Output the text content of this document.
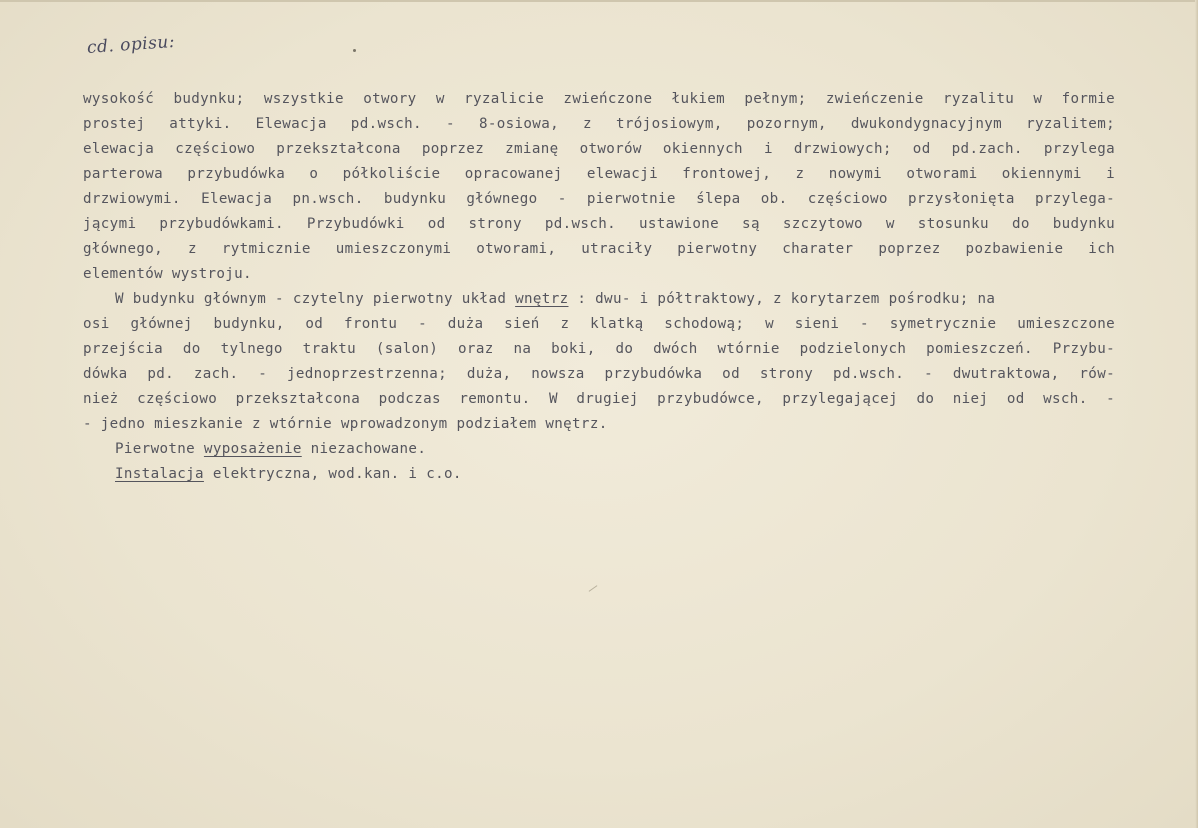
cd. opisu:
wysokość budynku; wszystkie otwory w ryzalicie zwieńczone łukiem pełnym; zwieńczenie ryzalitu w formie
prostej attyki. Elewacja pd.wsch. - 8-osiowa, z trójosiowym, pozornym, dwukondygnacyjnym ryzalitem;
elewacja częściowo przekształcona poprzez zmianę otworów okiennych i drzwiowych; od pd.zach. przylega
parterowa przybudówka o półkoliście opracowanej elewacji frontowej, z nowymi otworami okiennymi i
drzwiowymi. Elewacja pn.wsch. budynku głównego - pierwotnie ślepa ob. częściowo przysłonięta przylega-
jącymi przybudówkami. Przybudówki od strony pd.wsch. ustawione są szczytowo w stosunku do budynku
głównego, z rytmicznie umieszczonymi otworami, utraciły pierwotny charater poprzez pozbawienie ich
elementów wystroju.
W budynku głównym - czytelny pierwotny układ wnętrz : dwu- i półtraktowy, z korytarzem pośrodku; na
osi głównej budynku, od frontu - duża sień z klatką schodową; w sieni - symetrycznie umieszczone
przejścia do tylnego traktu (salon) oraz na boki, do dwóch wtórnie podzielonych pomieszczeń. Przybu-
dówka pd. zach. - jednoprzestrzenna; duża, nowsza przybudówka od strony pd.wsch. - dwutraktowa, rów-
nież częściowo przekształcona podczas remontu. W drugiej przybudówce, przylegającej do niej od wsch. -
- jedno mieszkanie z wtórnie wprowadzonym podziałem wnętrz.
Pierwotne wyposażenie niezachowane.
Instalacja elektryczna, wod.kan. i c.o.
